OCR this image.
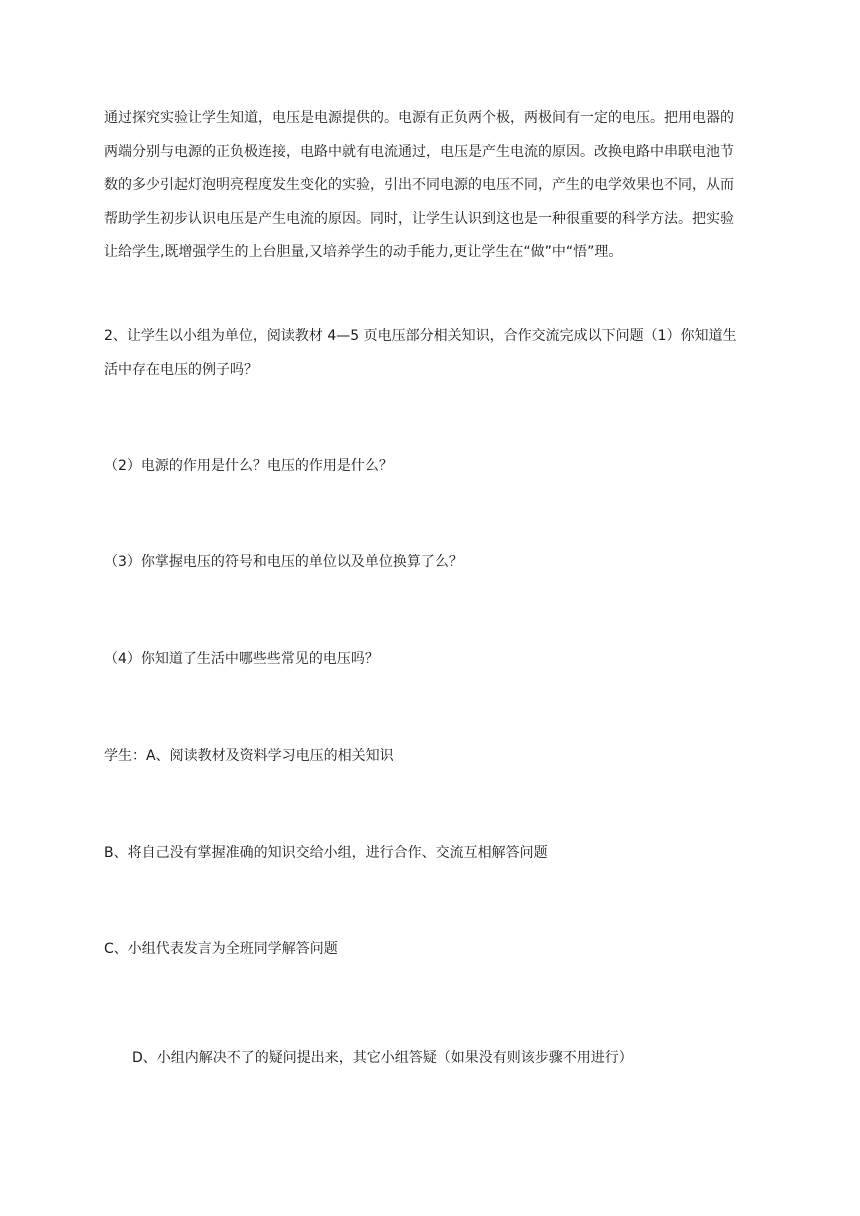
通过探究实验让学生知道，电压是电源提供的。电源有正负两个极，两极间有一定的电压。把用电器的两端分别与电源的正负极连接，电路中就有电流通过，电压是产生电流的原因。改换电路中串联电池节数的多少引起灯泡明亮程度发生变化的实验，引出不同电源的电压不同，产生的电学效果也不同，从而帮助学生初步认识电压是产生电流的原因。同时，让学生认识到这也是一种很重要的科学方法。把实验让给学生,既增强学生的上台胆量,又培养学生的动手能力,更让学生在“做”中“悟”理。

2、让学生以小组为单位，阅读教材 4—5 页电压部分相关知识，合作交流完成以下问题（1）你知道生活中存在电压的例子吗？

（2）电源的作用是什么？电压的作用是什么？

（3）你掌握电压的符号和电压的单位以及单位换算了么？

（4）你知道了生活中哪些些常见的电压吗？

学生：A、阅读教材及资料学习电压的相关知识

B、将自己没有掌握准确的知识交给小组，进行合作、交流互相解答问题

C、小组代表发言为全班同学解答问题

D、小组内解决不了的疑问提出来，其它小组答疑（如果没有则该步骤不用进行）
